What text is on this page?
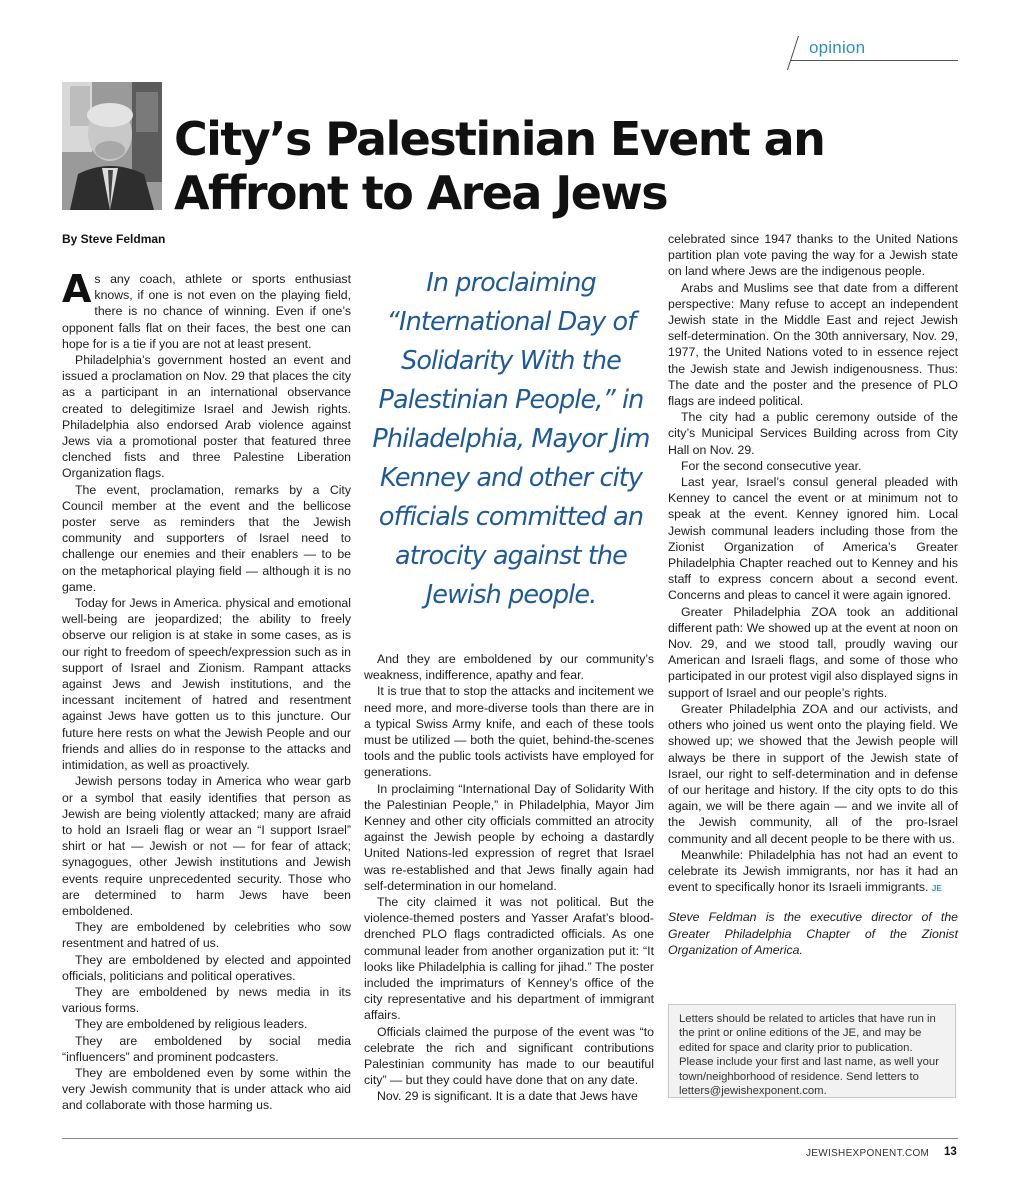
opinion
City’s Palestinian Event an Affront to Area Jews
By Steve Feldman

As any coach, athlete or sports enthusiast knows, if one is not even on the playing field, there is no chance of winning. Even if one’s opponent falls flat on their faces, the best one can hope for is a tie if you are not at least present.

Philadelphia’s government hosted an event and issued a proclamation on Nov. 29 that places the city as a participant in an international observance created to delegitimize Israel and Jewish rights. Philadelphia also endorsed Arab violence against Jews via a promotional poster that featured three clenched fists and three Palestine Liberation Organization flags.

The event, proclamation, remarks by a City Council member at the event and the bellicose poster serve as reminders that the Jewish community and supporters of Israel need to challenge our enemies and their enablers — to be on the metaphorical playing field — although it is no game.

Today for Jews in America. physical and emotional well-being are jeopardized; the ability to freely observe our religion is at stake in some cases, as is our right to freedom of speech/expression such as in support of Israel and Zionism. Rampant attacks against Jews and Jewish institutions, and the incessant incitement of hatred and resentment against Jews have gotten us to this juncture. Our future here rests on what the Jewish People and our friends and allies do in response to the attacks and intimidation, as well as proactively.

Jewish persons today in America who wear garb or a symbol that easily identifies that person as Jewish are being violently attacked; many are afraid to hold an Israeli flag or wear an “I support Israel” shirt or hat — Jewish or not — for fear of attack; synagogues, other Jewish institutions and Jewish events require unprecedented security. Those who are determined to harm Jews have been emboldened.

They are emboldened by celebrities who sow resentment and hatred of us.

They are emboldened by elected and appointed officials, politicians and political operatives.

They are emboldened by news media in its various forms.

They are emboldened by religious leaders.

They are emboldened by social media “influencers” and prominent podcasters.

They are emboldened even by some within the very Jewish community that is under attack who aid and collaborate with those harming us.

In proclaiming “International Day of Solidarity With the Palestinian People,” in Philadelphia, Mayor Jim Kenney and other city officials committed an atrocity against the Jewish people.

And they are emboldened by our community’s weakness, indifference, apathy and fear.

It is true that to stop the attacks and incitement we need more, and more-diverse tools than there are in a typical Swiss Army knife, and each of these tools must be utilized — both the quiet, behind-the-scenes tools and the public tools activists have employed for generations.

In proclaiming “International Day of Solidarity With the Palestinian People,” in Philadelphia, Mayor Jim Kenney and other city officials committed an atrocity against the Jewish people by echoing a dastardly United Nations-led expression of regret that Israel was re-established and that Jews finally again had self-determination in our homeland.

The city claimed it was not political. But the violence-themed posters and Yasser Arafat’s blood-drenched PLO flags contradicted officials. As one communal leader from another organization put it: “It looks like Philadelphia is calling for jihad.” The poster included the imprimaturs of Kenney’s office of the city representative and his department of immigrant affairs.

Officials claimed the purpose of the event was “to celebrate the rich and significant contributions Palestinian community has made to our beautiful city” — but they could have done that on any date.

Nov. 29 is significant. It is a date that Jews have

celebrated since 1947 thanks to the United Nations partition plan vote paving the way for a Jewish state on land where Jews are the indigenous people.

Arabs and Muslims see that date from a different perspective: Many refuse to accept an independent Jewish state in the Middle East and reject Jewish self-determination. On the 30th anniversary, Nov. 29, 1977, the United Nations voted to in essence reject the Jewish state and Jewish indigenousness. Thus: The date and the poster and the presence of PLO flags are indeed political.

The city had a public ceremony outside of the city’s Municipal Services Building across from City Hall on Nov. 29.

For the second consecutive year.

Last year, Israel’s consul general pleaded with Kenney to cancel the event or at minimum not to speak at the event. Kenney ignored him. Local Jewish communal leaders including those from the Zionist Organization of America’s Greater Philadelphia Chapter reached out to Kenney and his staff to express concern about a second event. Concerns and pleas to cancel it were again ignored.

Greater Philadelphia ZOA took an additional different path: We showed up at the event at noon on Nov. 29, and we stood tall, proudly waving our American and Israeli flags, and some of those who participated in our protest vigil also displayed signs in support of Israel and our people’s rights.

Greater Philadelphia ZOA and our activists, and others who joined us went onto the playing field. We showed up; we showed that the Jewish people will always be there in support of the Jewish state of Israel, our right to self-determination and in defense of our heritage and history. If the city opts to do this again, we will be there again — and we invite all of the Jewish community, all of the pro-Israel community and all decent people to be there with us.

Meanwhile: Philadelphia has not had an event to celebrate its Jewish immigrants, nor has it had an event to specifically honor its Israeli immigrants. JE

Steve Feldman is the executive director of the Greater Philadelphia Chapter of the Zionist Organization of America.

Letters should be related to articles that have run in the print or online editions of the JE, and may be edited for space and clarity prior to publication. Please include your first and last name, as well your town/neighborhood of residence. Send letters to letters@jewishexponent.com.
JEWISHEXPONENT.COM 13
